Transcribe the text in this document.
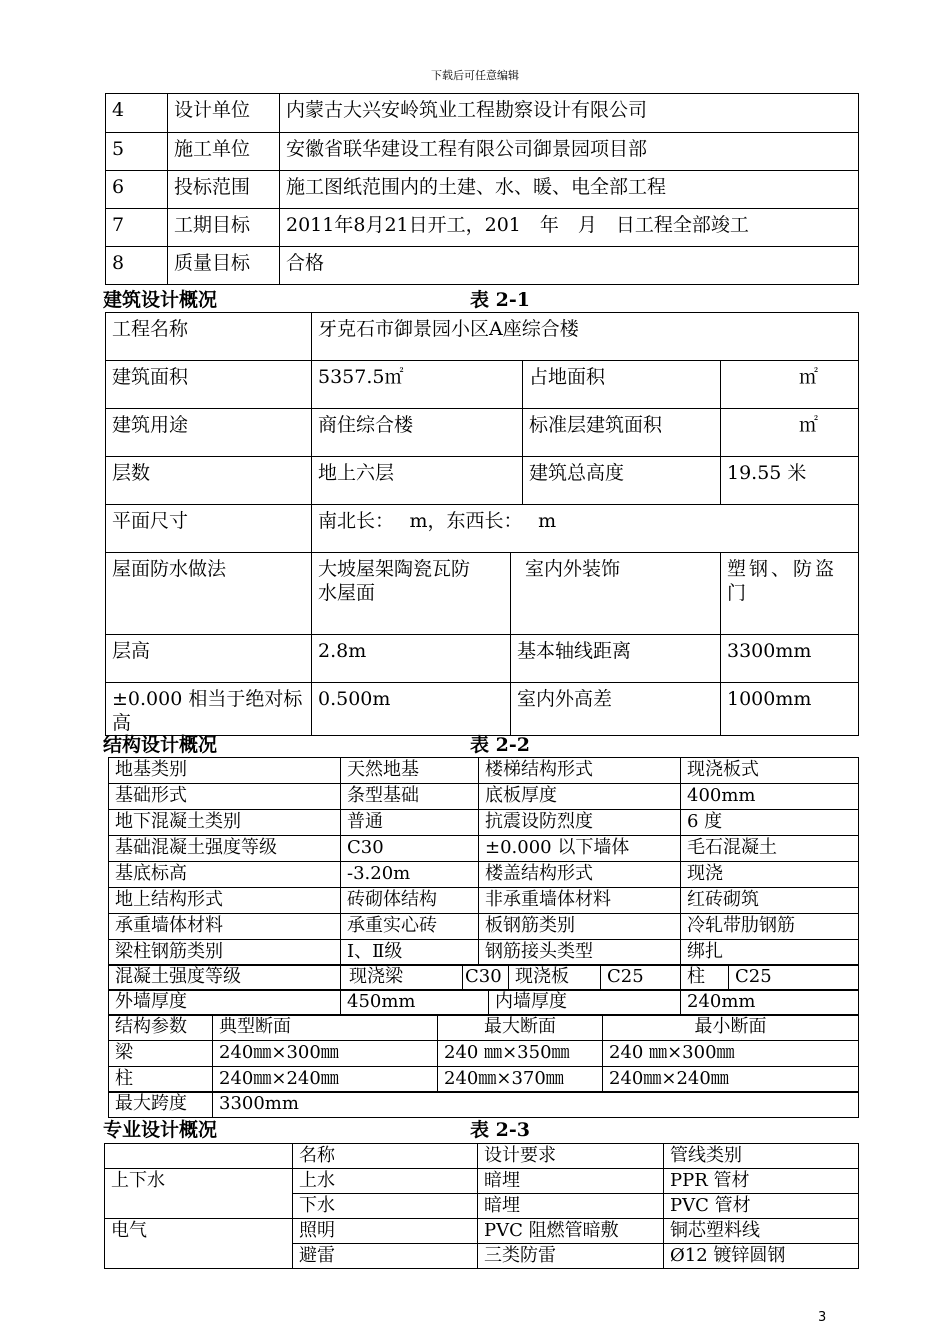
下载后可任意编辑
4	设计单位	内蒙古大兴安岭筑业工程勘察设计有限公司
5	施工单位	安徽省联华建设工程有限公司御景园项目部
6	投标范围	施工图纸范围内的土建、水、暖、电全部工程
7	工期目标	2011年8月21日开工，201　年　月　日工程全部竣工
8	质量目标	合格
建筑设计概况	表 2-1
工程名称	牙克石市御景园小区A座综合楼			
建筑面积	5357.5㎡		占地面积	㎡
建筑用途	商住综合楼		标准层建筑面积	㎡
层数	地上六层		建筑总高度	19.55 米
平面尺寸	南北长：　 m，东西长：　 m			
屋面防水做法	大坡屋架陶瓷瓦防水屋面	室内外装饰		塑钢、防盗门
层高	2.8m	基本轴线距离		3300mm
±0.000 相当于绝对标高	0.500m	室内外高差		1000mm
结构设计概况	表 2-2
地基类别	天然地基	楼梯结构形式	现浇板式
基础形式	条型基础	底板厚度	400mm
地下混凝土类别	普通	抗震设防烈度	6 度
基础混凝土强度等级	C30	±0.000 以下墙体	毛石混凝土
基底标高	-3.20m	楼盖结构形式	现浇
地上结构形式	砖砌体结构	非承重墙体材料	红砖砌筑
承重墙体材料	承重实心砖	板钢筋类别	冷轧带肋钢筋
梁柱钢筋类别	Ⅰ、Ⅱ级	钢筋接头类型	绑扎
混凝土强度等级	现浇梁	C30	现浇板	C25	柱	C25
外墙厚度	450mm	内墙厚度	240mm
结构参数	典型断面	最大断面	最小断面
梁	240㎜×300㎜	240 ㎜×350㎜	240 ㎜×300㎜
柱	240㎜×240㎜	240㎜×370㎜	240㎜×240㎜
最大跨度	3300mm
专业设计概况	表 2-3
	名称	设计要求	管线类别
上下水	上水	暗埋	PPR 管材
	下水	暗埋	PVC 管材
电气	照明	PVC 阻燃管暗敷	铜芯塑料线
	避雷	三类防雷	Ø12 镀锌圆钢
3
